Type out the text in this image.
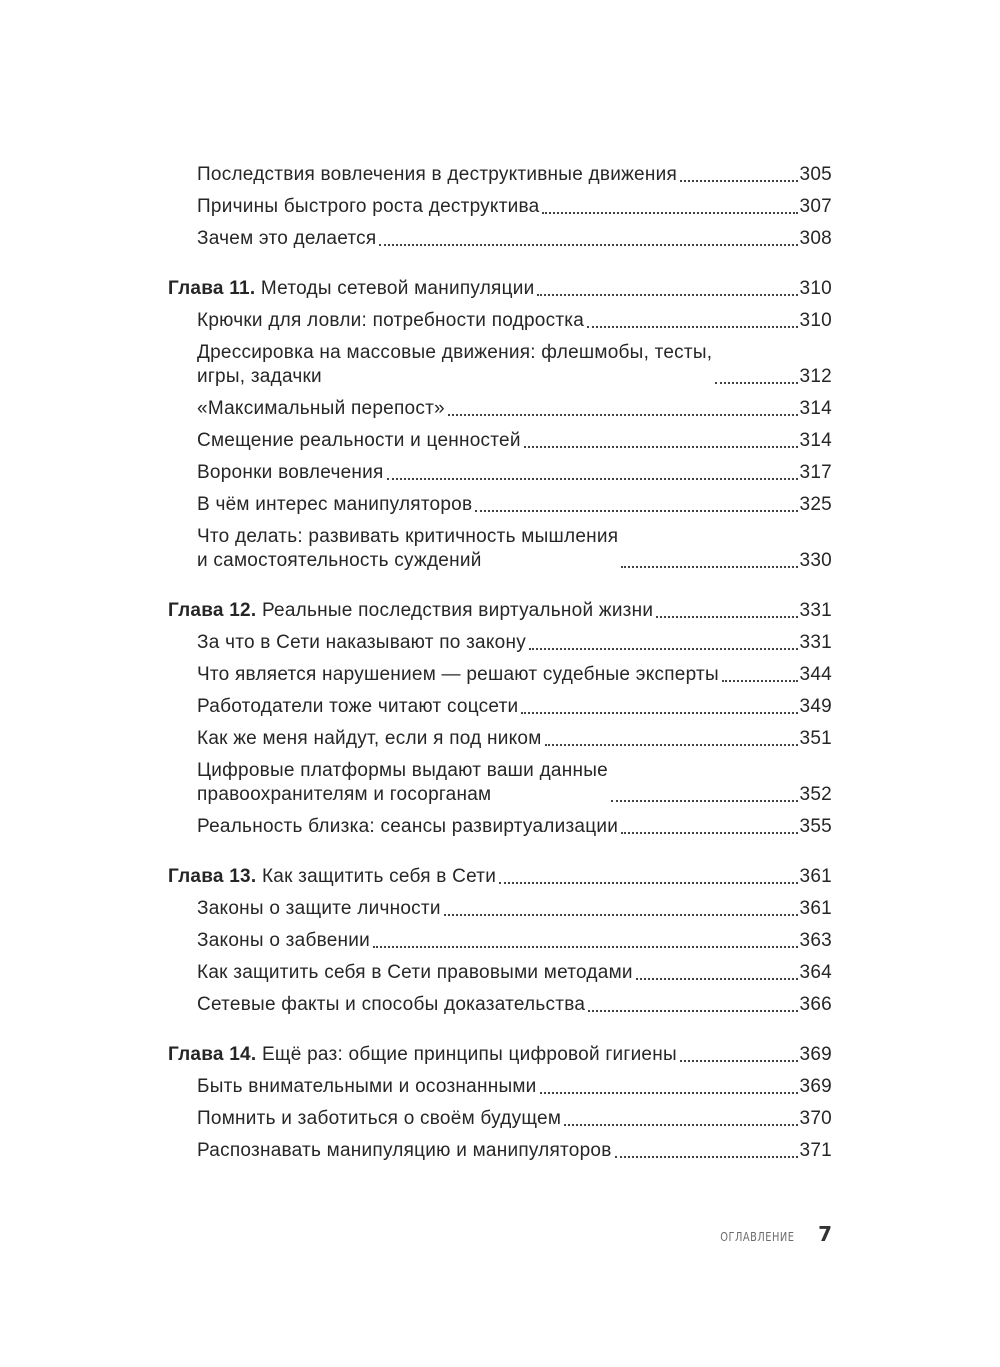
Последствия вовлечения в деструктивные движения	305
Причины быстрого роста деструктива	307
Зачем это делается	308
Глава 11. Методы сетевой манипуляции	310
Крючки для ловли: потребности подростка	310
Дрессировка на массовые движения: флешмобы, тесты,
игры, задачки	312
«Максимальный перепост»	314
Смещение реальности и ценностей	314
Воронки вовлечения	317
В чём интерес манипуляторов	325
Что делать: развивать критичность мышления
и самостоятельность суждений	330
Глава 12. Реальные последствия виртуальной жизни	331
За что в Сети наказывают по закону	331
Что является нарушением — решают судебные эксперты	344
Работодатели тоже читают соцсети	349
Как же меня найдут, если я под ником	351
Цифровые платформы выдают ваши данные
правоохранителям и госорганам	352
Реальность близка: сеансы развиртуализации	355
Глава 13. Как защитить себя в Сети	361
Законы о защите личности	361
Законы о забвении	363
Как защитить себя в Сети правовыми методами	364
Сетевые факты и способы доказательства	366
Глава 14. Ещё раз: общие принципы цифровой гигиены	369
Быть внимательными и осознанными	369
Помнить и заботиться о своём будущем	370
Распознавать манипуляцию и манипуляторов	371
ОГЛАВЛЕНИЕ 7
